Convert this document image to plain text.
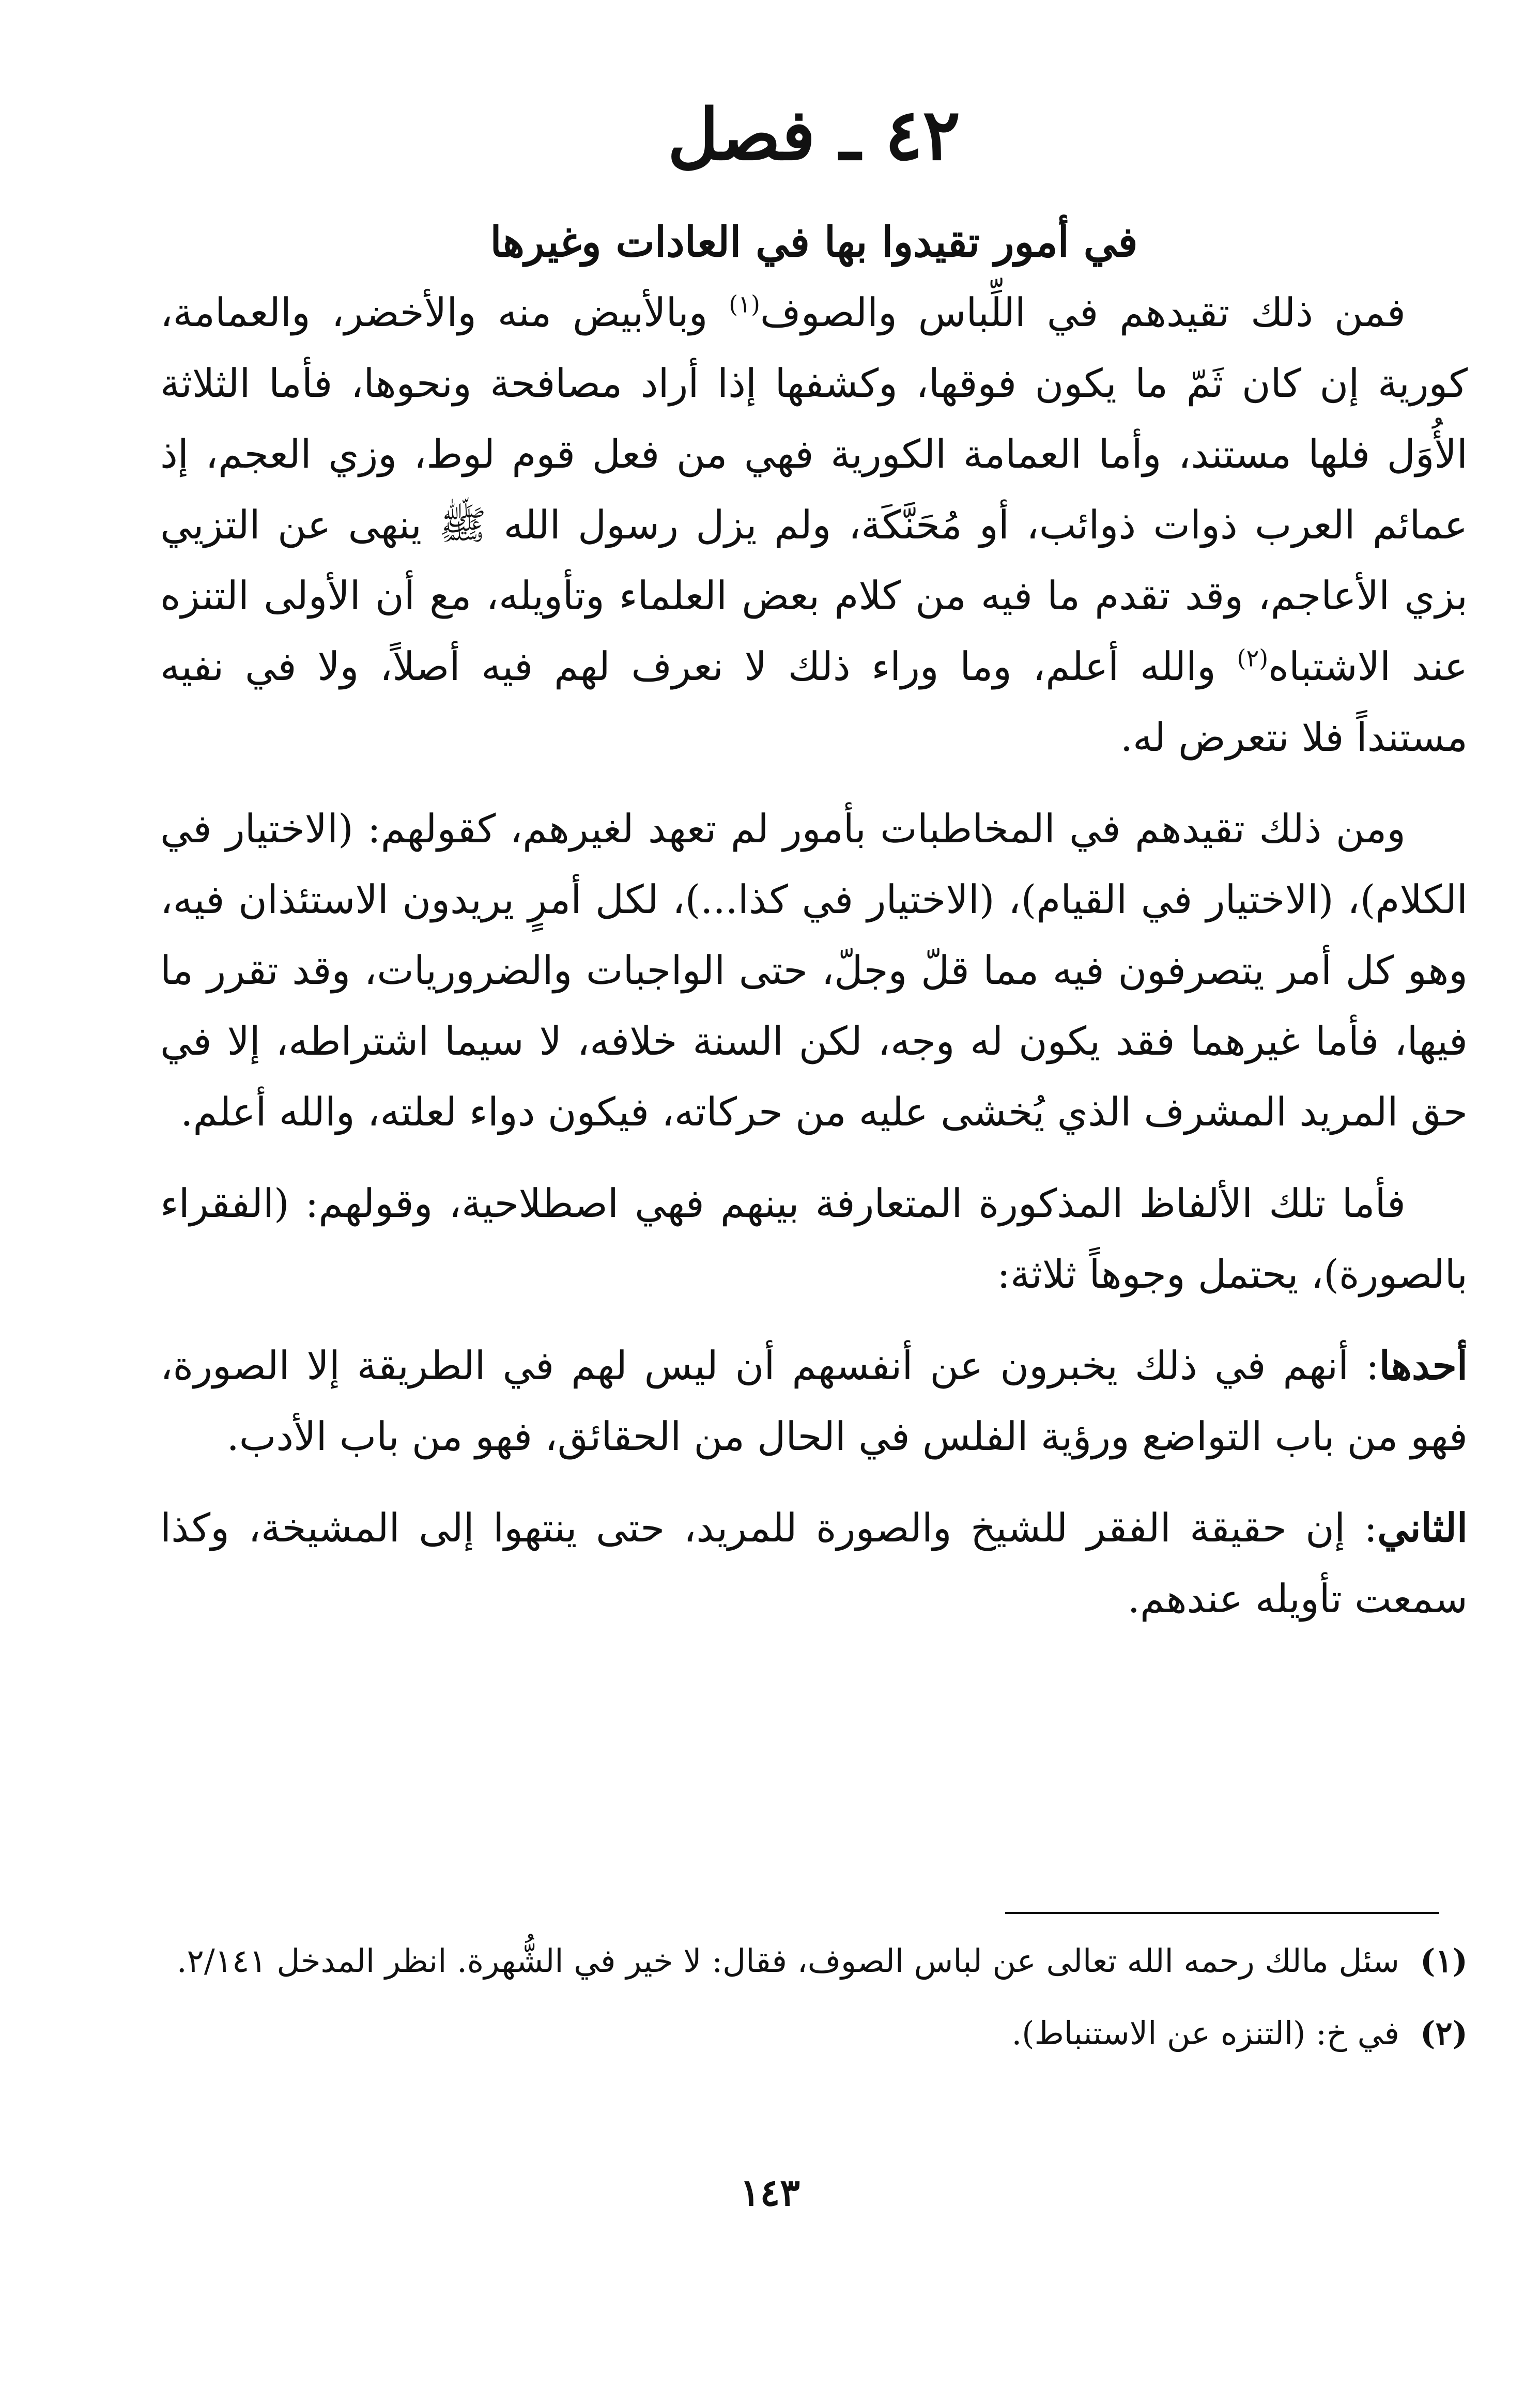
٤٢ ـ فصل
في أمور تقيدوا بها في العادات وغيرها

فمن ذلك تقيدهم في اللِّباس والصوف$^{(١)}$ وبالأبيض منه والأخضر، والعمامة، كورية إن كان ثَمّ ما يكون فوقها، وكشفها إذا أراد مصافحة ونحوها، فأما الثلاثة الأُوَل فلها مستند، وأما العمامة الكورية فهي من فعل قوم لوط، وزي العجم، إذ عمائم العرب ذوات ذوائب، أو مُحَنَّكَة، ولم يزل رسول الله ﷺ ينهى عن التزيي بزي الأعاجم، وقد تقدم ما فيه من كلام بعض العلماء وتأويله، مع أن الأولى التنزه عند الاشتباه$^{(٢)}$ والله أعلم، وما وراء ذلك لا نعرف لهم فيه أصلاً، ولا في نفيه مستنداً فلا نتعرض له.

ومن ذلك تقيدهم في المخاطبات بأمور لم تعهد لغيرهم، كقولهم: (الاختيار في الكلام)، (الاختيار في القيام)، (الاختيار في كذا...)، لكل أمرٍ يريدون الاستئذان فيه، وهو كل أمر يتصرفون فيه مما قلّ وجلّ، حتى الواجبات والضروريات، وقد تقرر ما فيها، فأما غيرهما فقد يكون له وجه، لكن السنة خلافه، لا سيما اشتراطه، إلا في حق المريد المشرف الذي يُخشى عليه من حركاته، فيكون دواء لعلته، والله أعلم.

فأما تلك الألفاظ المذكورة المتعارفة بينهم فهي اصطلاحية، وقولهم: (الفقراء بالصورة)، يحتمل وجوهاً ثلاثة:

أحدها: أنهم في ذلك يخبرون عن أنفسهم أن ليس لهم في الطريقة إلا الصورة، فهو من باب التواضع ورؤية الفلس في الحال من الحقائق، فهو من باب الأدب.

الثاني: إن حقيقة الفقر للشيخ والصورة للمريد، حتى ينتهوا إلى المشيخة، وكذا سمعت تأويله عندهم.

(١)سئل مالك رحمه الله تعالى عن لباس الصوف، فقال: لا خير في الشُّهرة. انظر المدخل ٢/١٤١.

(٢)في خ: (التنزه عن الاستنباط).

١٤٣
